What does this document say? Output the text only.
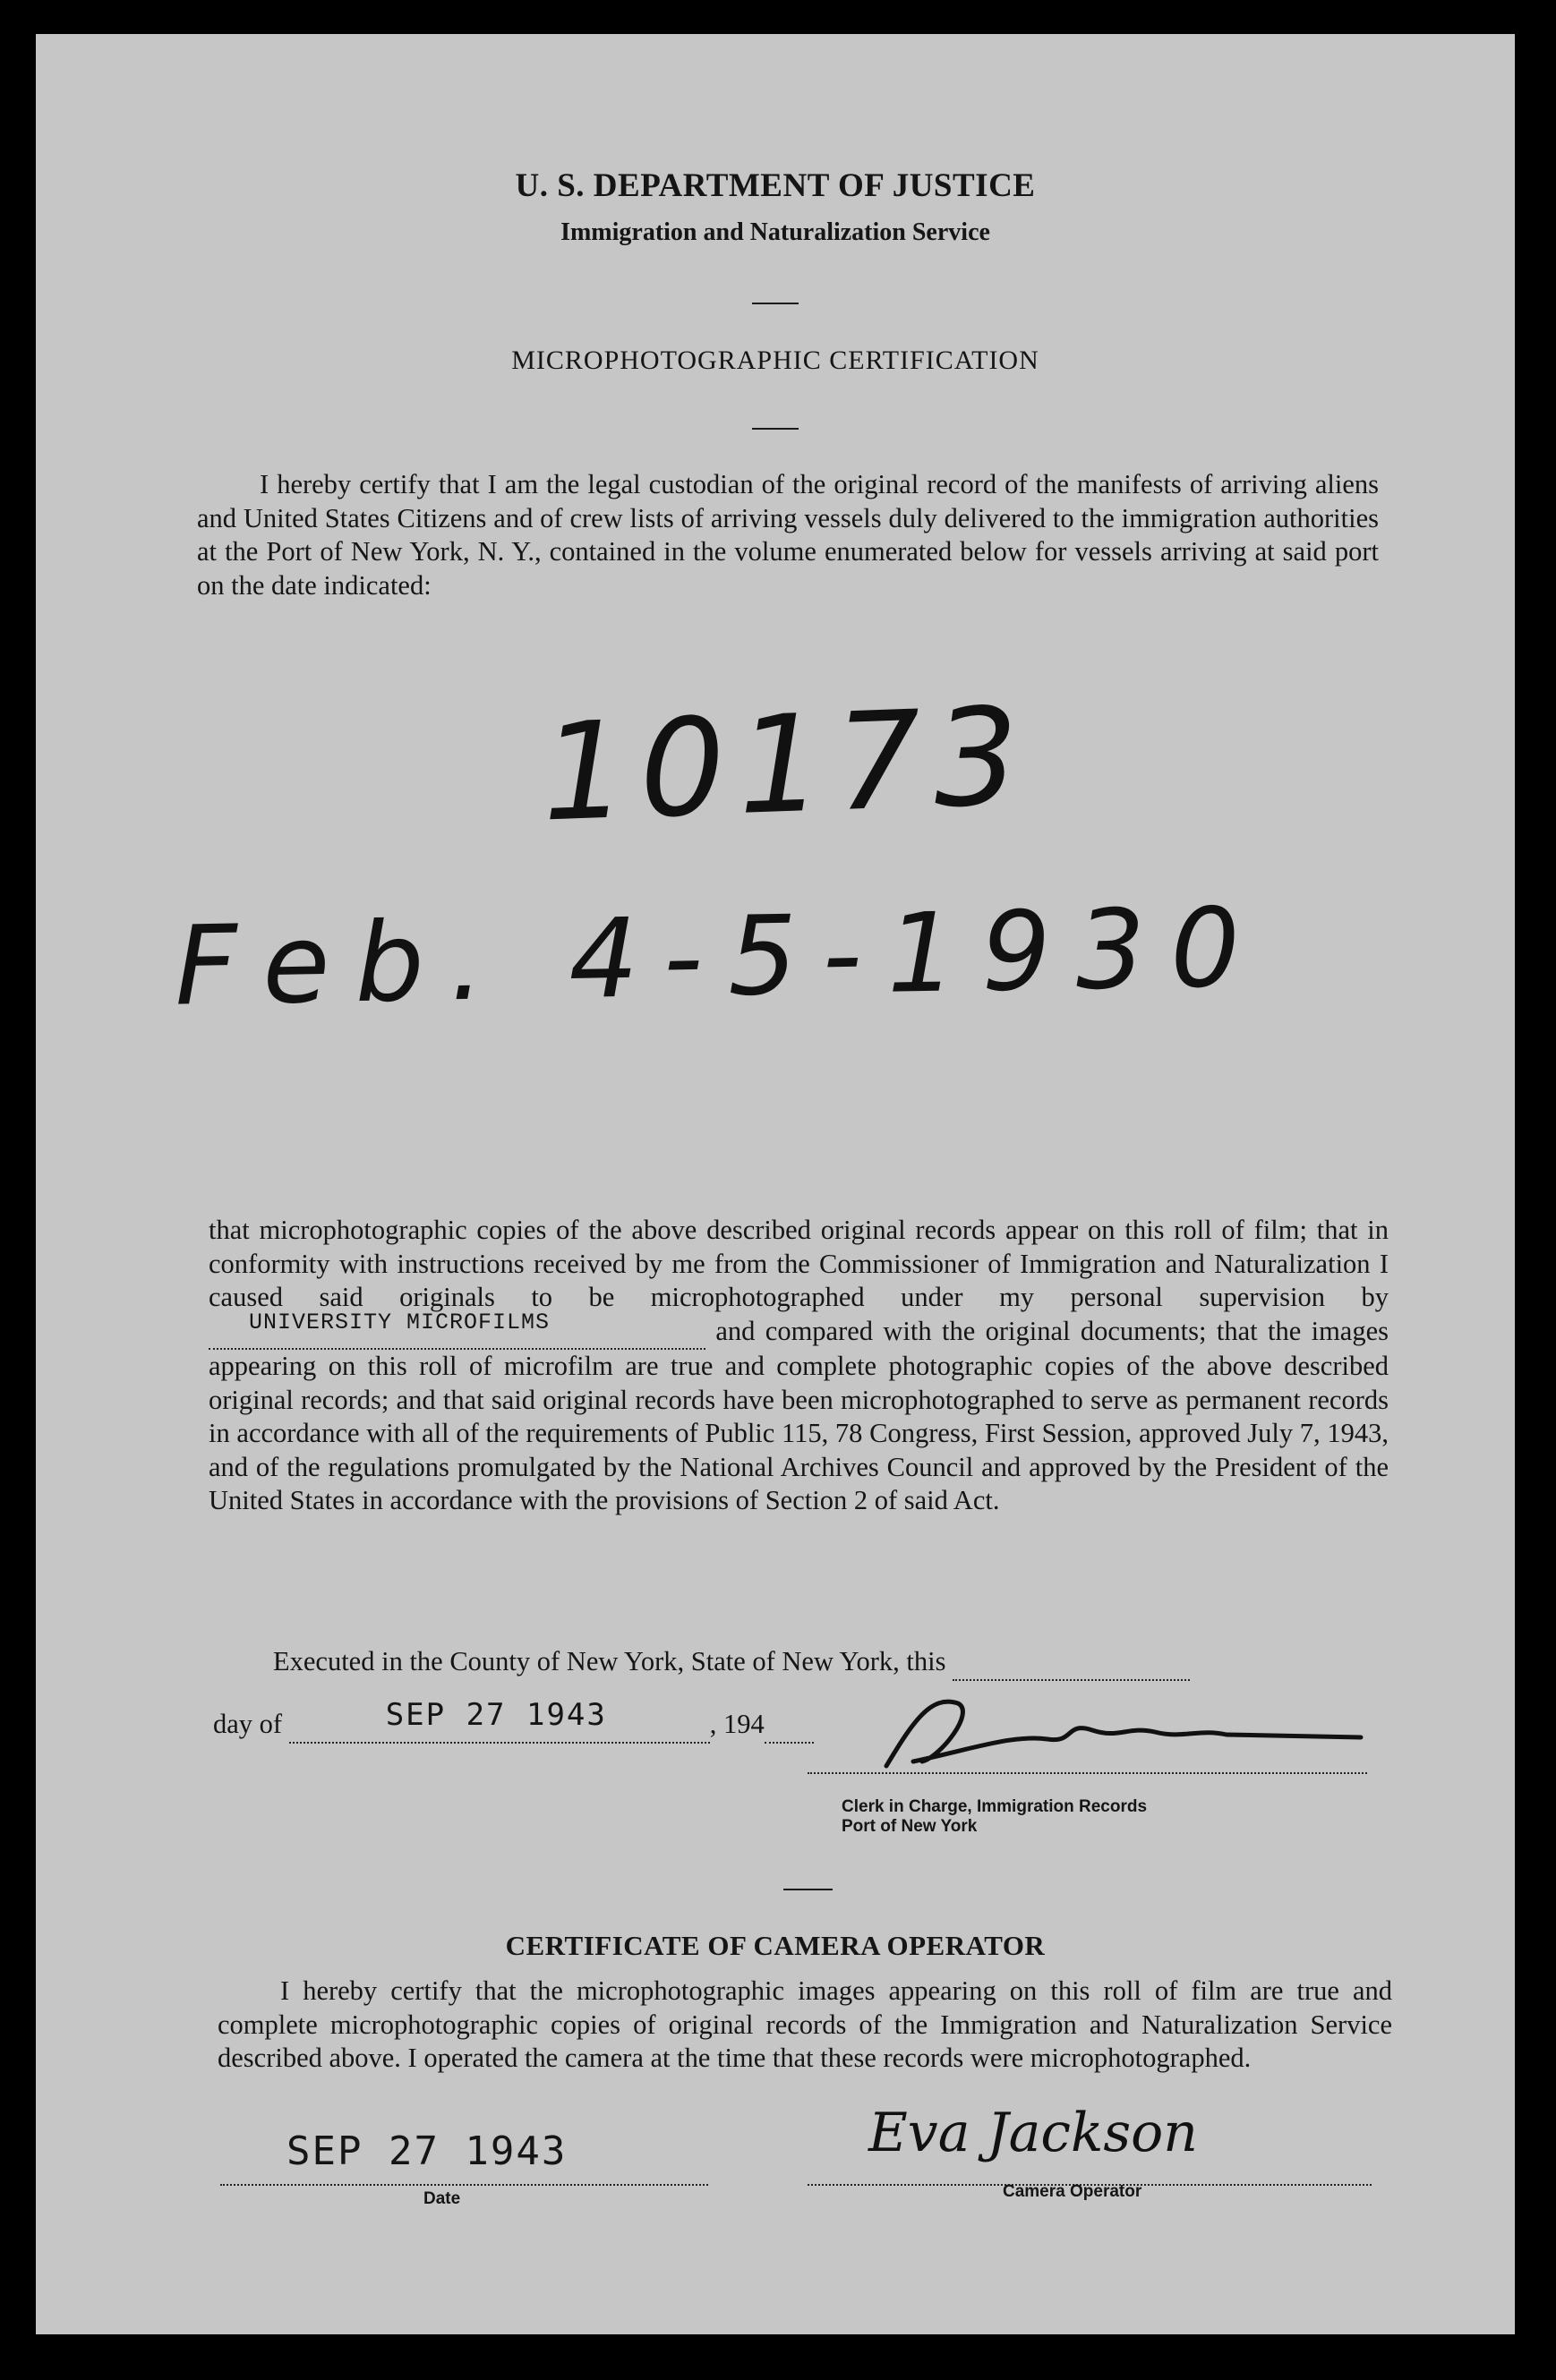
U. S. DEPARTMENT OF JUSTICE
Immigration and Naturalization Service
MICROPHOTOGRAPHIC CERTIFICATION

I hereby certify that I am the legal custodian of the original record of the manifests of arriving aliens and United States Citizens and of crew lists of arriving vessels duly delivered to the immigration authorities at the Port of New York, N. Y., contained in the volume enumerated below for vessels arriving at said port on the date indicated:

10173
Feb. 4-5-1930

that microphotographic copies of the above described original records appear on this roll of film; that in conformity with instructions received by me from the Commissioner of Immigration and Naturalization I caused said originals to be microphotographed under my personal supervision by
UNIVERSITY MICROFILMS	and compared with the original documents; that the images appearing on this roll of microfilm are true and complete photographic copies of the above described original records; and that said original records have been microphotographed to serve as permanent records in accordance with all of the requirements of Public 115, 78 Congress, First Session, approved July 7, 1943, and of the regulations promulgated by the National Archives Council and approved by the President of the United States in accordance with the provisions of Section 2 of said Act.

Executed in the County of New York, State of New York, this
day of	SEP 27 1943	, 194
Clerk in Charge, Immigration Records
Port of New York
CERTIFICATE OF CAMERA OPERATOR

I hereby certify that the microphotographic images appearing on this roll of film are true and complete microphotographic copies of original records of the Immigration and Naturalization Service described above. I operated the camera at the time that these records were microphotographed.

SEP 27 1943
Date
Eva Jackson
Camera Operator
